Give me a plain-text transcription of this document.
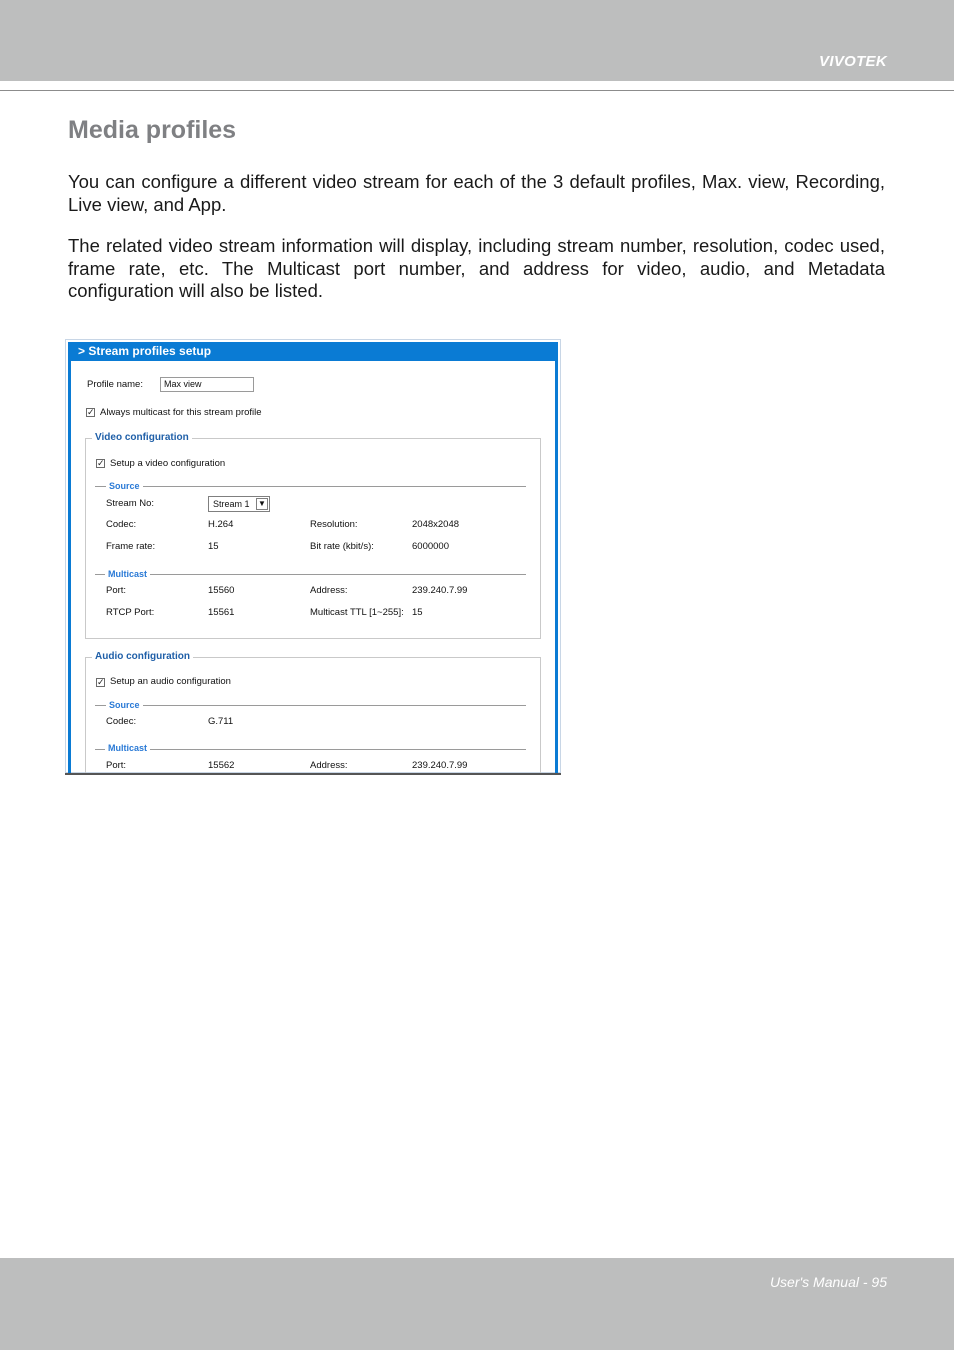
VIVOTEK
Media profiles

You can configure a different video stream for each of the 3 default profiles, Max. view, Recording, Live view, and App.

The related video stream information will display, including stream number, resolution, codec used, frame rate, etc. The Multicast port number, and address for video, audio, and Metadata configuration will also be listed.

> Stream profiles setup
Profile name:	Max view
✓ Always multicast for this stream profile
Video configuration
✓ Setup a video configuration
Source
Stream No:	Stream 1 ▼
Codec:	H.264	Resolution:	2048x2048
Frame rate:	15	Bit rate (kbit/s):	6000000
Multicast
Port:	15560	Address:	239.240.7.99
RTCP Port:	15561	Multicast TTL [1~255]: 15
Audio configuration
✓ Setup an audio configuration
Source
Codec:	G.711
Multicast
Port:	15562	Address:	239.240.7.99
User's Manual - 95
